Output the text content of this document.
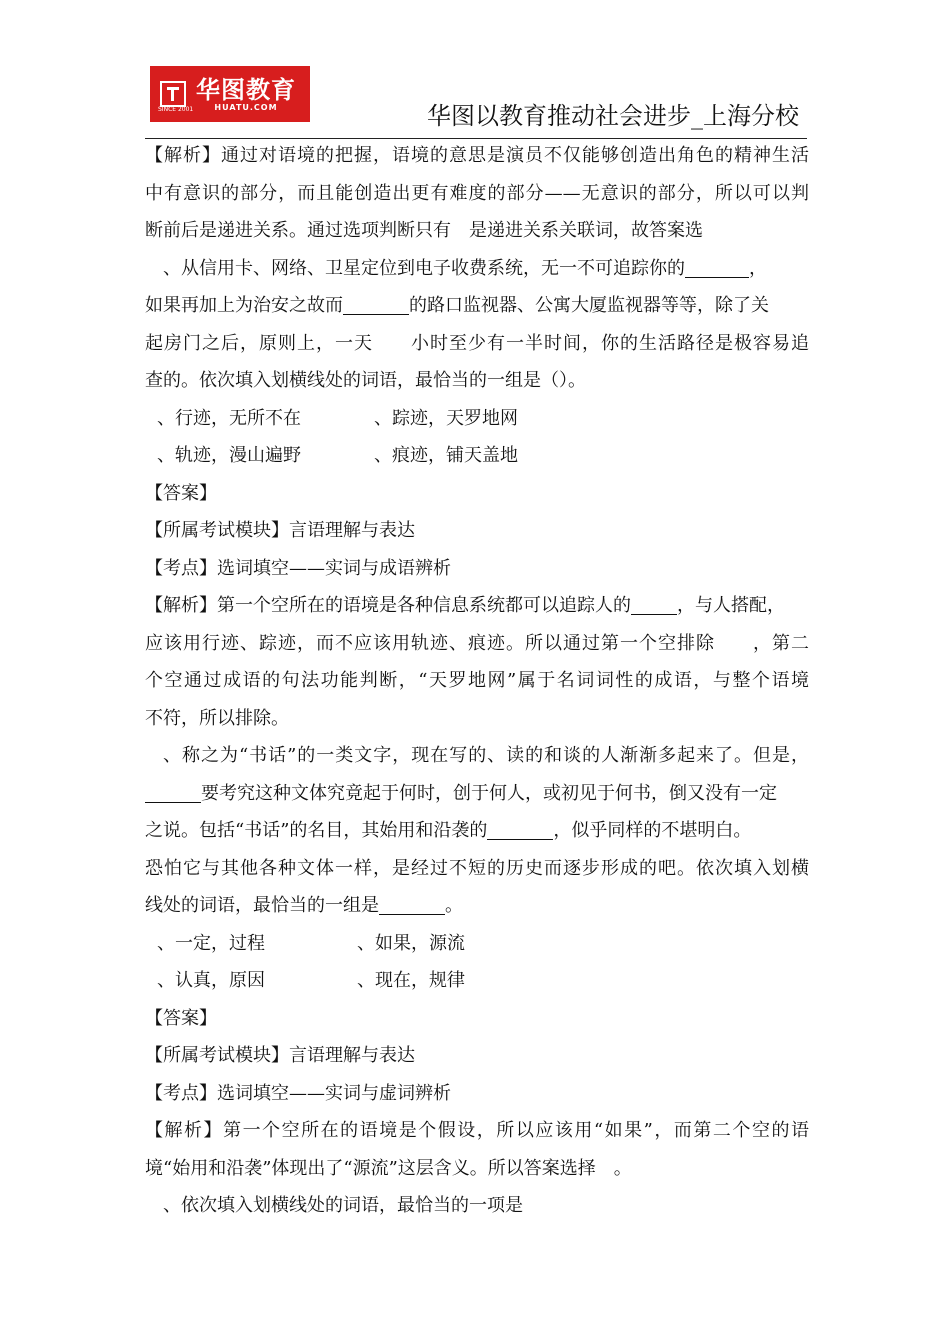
华图教育
HUATU.COM
SINCE 2001	华图以教育推动社会进步_上海分校
【解析】通过对语境的把握，语境的意思是演员不仅能够创造出角色的精神生活
中有意识的部分，而且能创造出更有难度的部分——无意识的部分，所以可以判
断前后是递进关系。通过选项判断只有　是递进关系关联词，故答案选
、从信用卡、网络、卫星定位到电子收费系统，无一不可追踪你的	，
如果再加上为治安之故而	的路口监视器、公寓大厦监视器等等，除了关
起房门之后，原则上，一天　　小时至少有一半时间，你的生活路径是极容易追
查的。依次填入划横线处的词语，最恰当的一组是（）。
、行迹，无所不在	、踪迹，天罗地网
、轨迹，漫山遍野	、痕迹，铺天盖地
【答案】
【所属考试模块】言语理解与表达
【考点】选词填空——实词与成语辨析
【解析】第一个空所在的语境是各种信息系统都可以追踪人的	，与人搭配，
应该用行迹、踪迹，而不应该用轨迹、痕迹。所以通过第一个空排除　　，第二
个空通过成语的句法功能判断，“天罗地网”属于名词词性的成语，与整个语境
不符，所以排除。
、称之为“书话”的一类文字，现在写的、读的和谈的人渐渐多起来了。但是，
要考究这种文体究竟起于何时，创于何人，或初见于何书，倒又没有一定
之说。包括“书话”的名目，其始用和沿袭的	，似乎同样的不堪明白。
恐怕它与其他各种文体一样，是经过不短的历史而逐步形成的吧。依次填入划横
线处的词语，最恰当的一组是	。
、一定，过程	、如果，源流
、认真，原因	、现在，规律
【答案】
【所属考试模块】言语理解与表达
【考点】选词填空——实词与虚词辨析
【解析】第一个空所在的语境是个假设，所以应该用“如果”，而第二个空的语
境“始用和沿袭”体现出了“源流”这层含义。所以答案选择　。
、依次填入划横线处的词语，最恰当的一项是
